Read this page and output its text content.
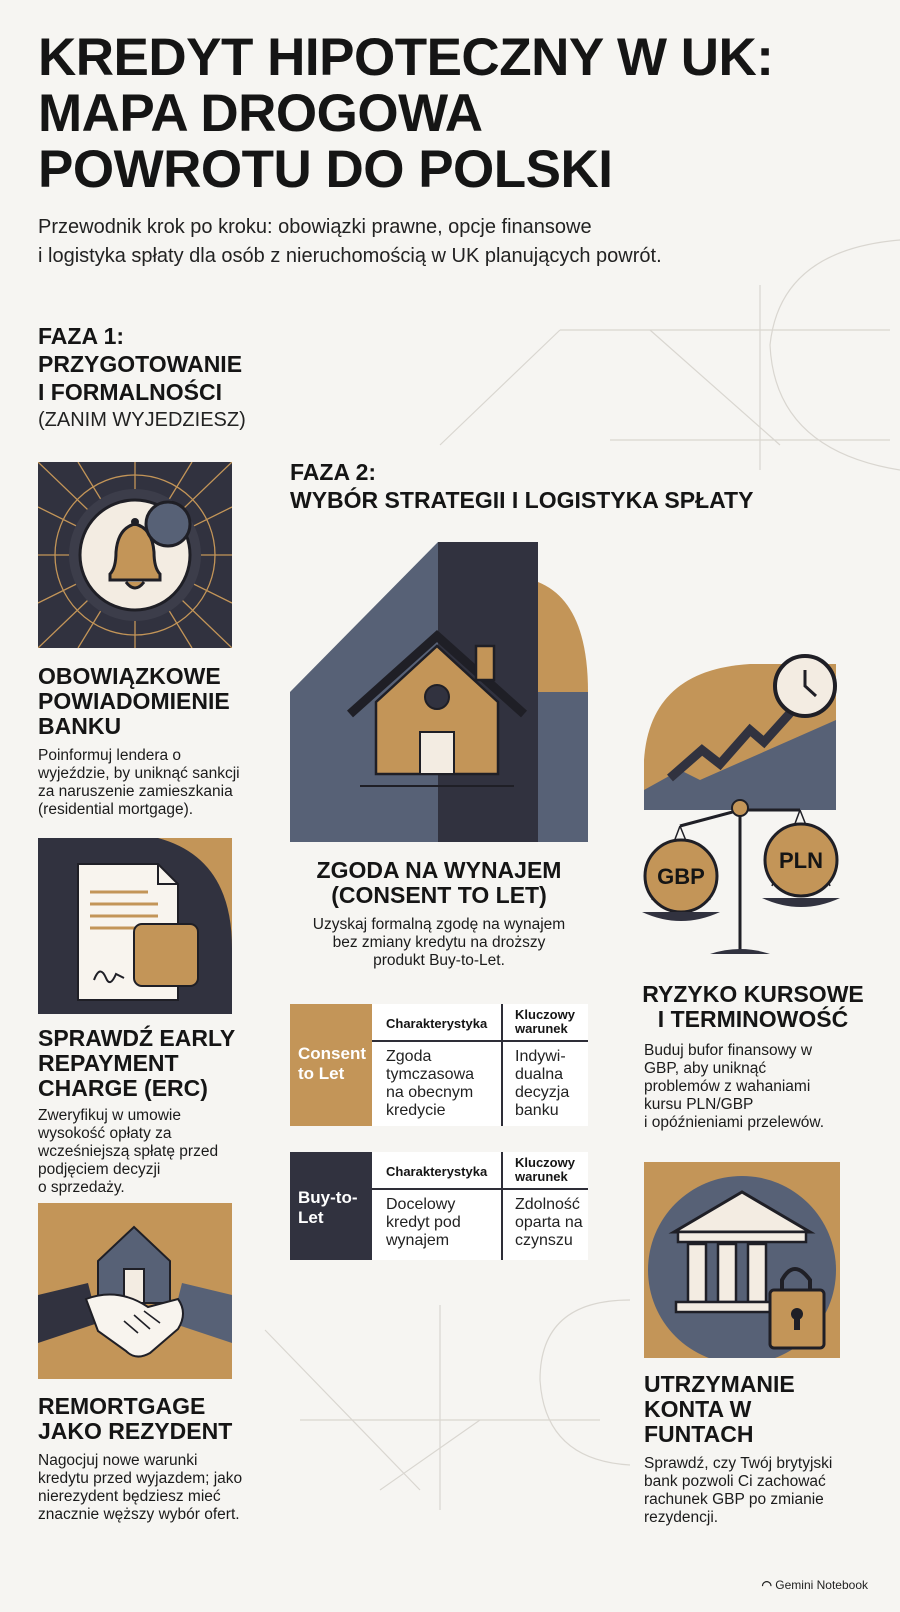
KREDYT HIPOTECZNY W UK:
MAPA DROGOWA
POWROTU DO POLSKI
Przewodnik krok po kroku: obowiązki prawne, opcje finansowe
i logistyka spłaty dla osób z nieruchomością w UK planujących powrót.
FAZA 1:
PRZYGOTOWANIE
I FORMALNOŚCI
(ZANIM WYJEDZIESZ)
FAZA 2:
WYBÓR STRATEGII I LOGISTYKA SPŁATY
OBOWIĄZKOWE
POWIADOMIENIE
BANKU
Poinformuj lendera o
wyjeździe, by uniknąć sankcji
za naruszenie zamieszkania
(residential mortgage).
SPRAWDŹ EARLY
REPAYMENT
CHARGE (ERC)
Zweryfikuj w umowie
wysokość opłaty za
wcześniejszą spłatę przed
podjęciem decyzji
o sprzedaży.
REMORTGAGE
JAKO REZYDENT
Nagocjuj nowe warunki
kredytu przed wyjazdem; jako
nierezydent będziesz mieć
znacznie węższy wybór ofert.
ZGODA NA WYNAJEM
(CONSENT TO LET)
Uzyskaj formalną zgodę na wynajem
bez zmiany kredytu na droższy
produkt Buy-to-Let.
Consent
to Let
Charakterystyka
Kluczowy warunek
Zgoda
tymczasowa
na obecnym
kredycie
Indywi-
dualna
decyzja
banku
Buy-to-
Let
Charakterystyka
Kluczowy warunek
Docelowy
kredyt pod
wynajem
Zdolność
oparta na
czynszu
GBP
PLN
RYZYKO KURSOWE
I TERMINOWOŚĆ
Buduj bufor finansowy w
GBP, aby uniknąć
problemów z wahaniami
kursu PLN/GBP
i opóźnieniami przelewów.
UTRZYMANIE
KONTA W
FUNTACH
Sprawdź, czy Twój brytyjski
bank pozwoli Ci zachować
rachunek GBP po zmianie
rezydencji.
◠ Gemini Notebook
